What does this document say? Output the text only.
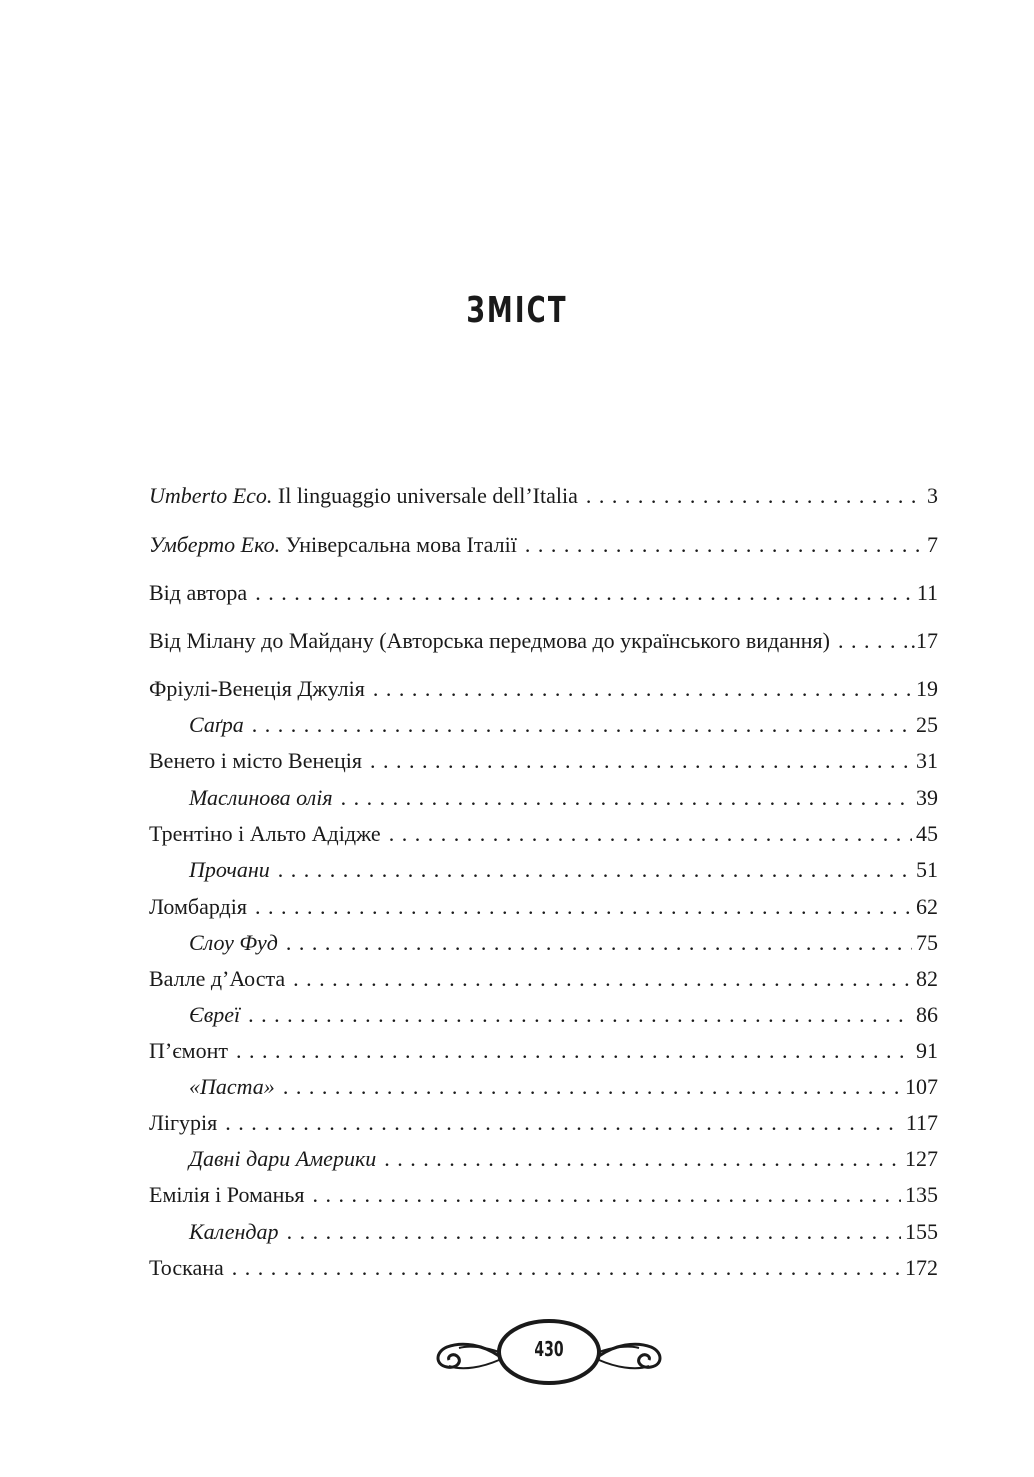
ЗМІСТ
Umberto Eco. Il linguaggio universale dell’Italia . . .	3
Умберто Еко. Універсальна мова Італії . . .	7
Від автора . . .	11
Від Мілану до Майдану (Авторська передмова до українського видання) . . .	.17
Фріулі-Венеція Джулія . . .	19
Саґра . . .	25
Венето і місто Венеція . . .	31
Маслинова олія . . .	39
Трентіно і Альто Адідже . . .	45
Прочани . . .	51
Ломбардія . . .	62
Слоу Фуд . . .	75
Валле д’Аоста . . .	82
Євреї . . .	86
П’ємонт . . .	91
«Паста» . . .	107
Лігурія . . .	117
Давні дари Америки . . .	127
Емілія і Романья . . .	135
Календар . . .	155
Тоскана . . .	172
430
